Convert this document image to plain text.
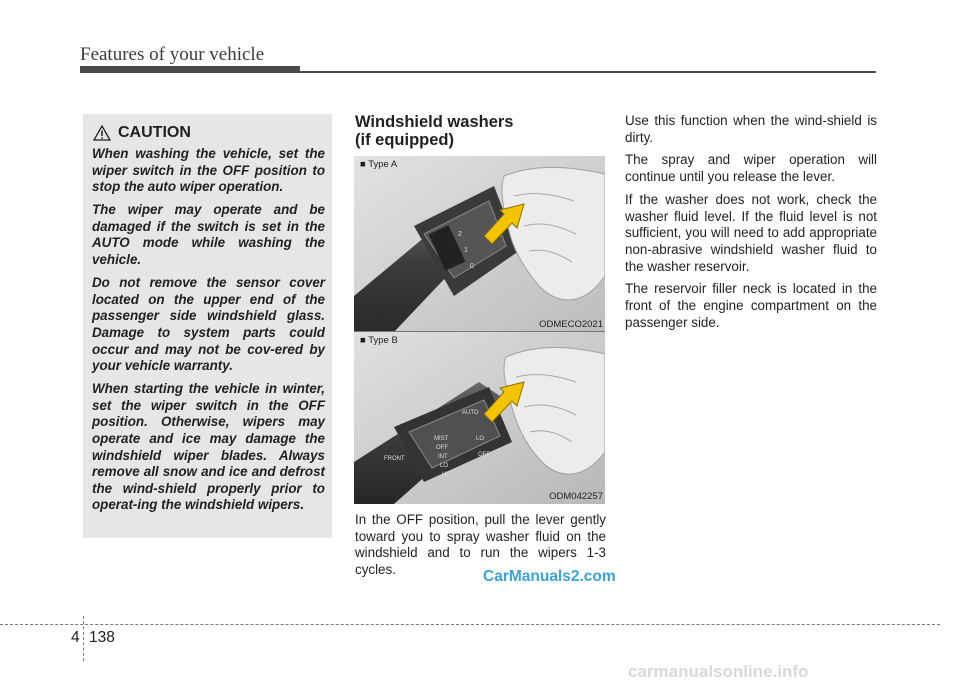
Features of your vehicle
CAUTION

When washing the vehicle, set the wiper switch in the OFF position to stop the auto wiper operation.

The wiper may operate and be damaged if the switch is set in the AUTO mode while washing the vehicle.

Do not remove the sensor cover located on the upper end of the passenger side windshield glass. Damage to system parts could occur and may not be cov-ered by your vehicle warranty.

When starting the vehicle in winter, set the wiper switch in the OFF position. Otherwise, wipers may operate and ice may damage the windshield wiper blades. Always remove all snow and ice and defrost the wind-shield properly prior to operat-ing the windshield wipers.

Windshield washers
(if equipped)
■ Type A
2
1
0
ODMECO2021
■ Type B
MIST
OFF
INT
LO
HI
AUTO
LO
OFF
FRONT
ODM042257

In the OFF position, pull the lever gently toward you to spray washer fluid on the windshield and to run the wipers 1-3 cycles.

Use this function when the wind-shield is dirty.

The spray and wiper operation will continue until you release the lever.

If the washer does not work, check the washer fluid level. If the fluid level is not sufficient, you will need to add appropriate non-abrasive windshield washer fluid to the washer reservoir.

The reservoir filler neck is located in the front of the engine compartment on the passenger side.

CarManuals2.com
4 138
carmanualsonline.info
